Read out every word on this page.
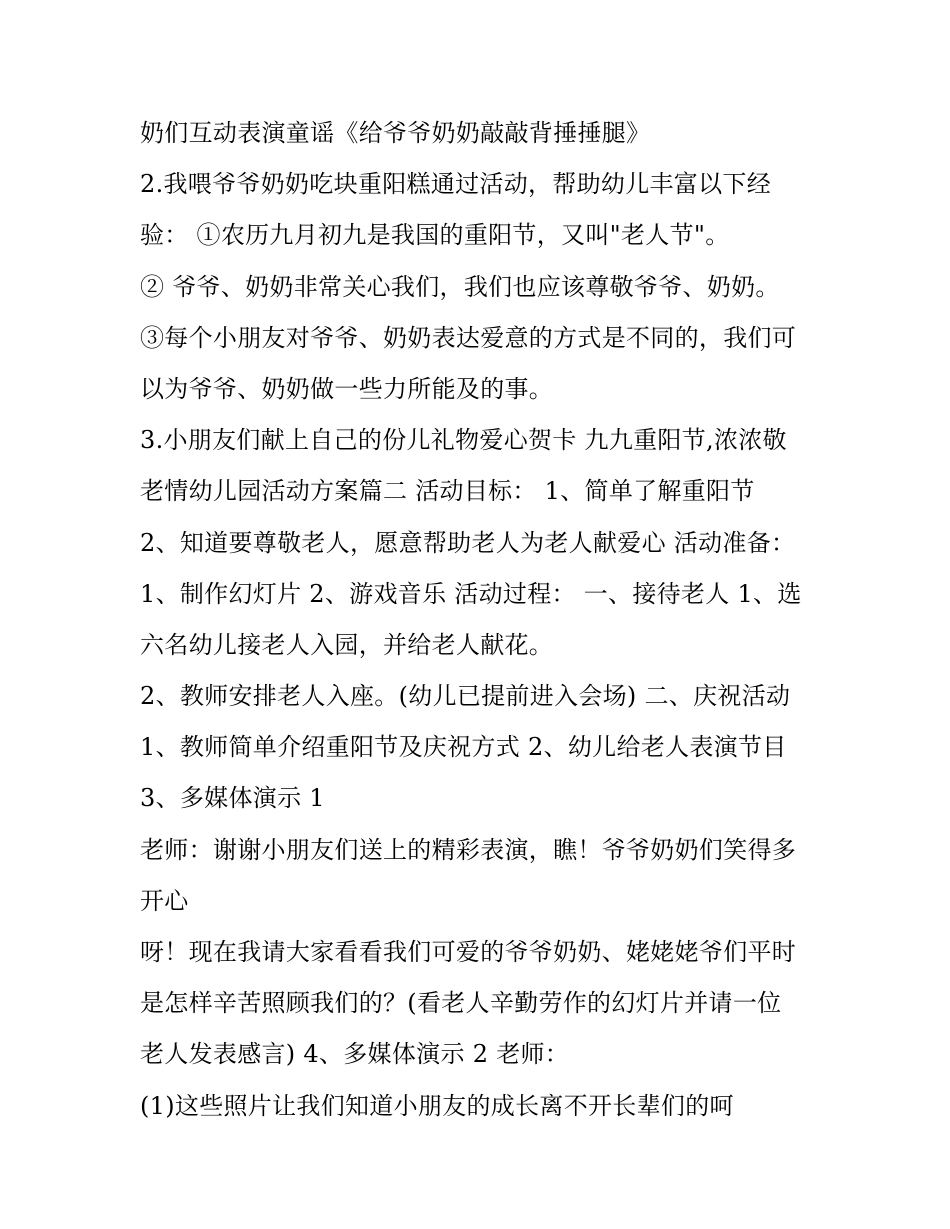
奶们互动表演童谣《给爷爷奶奶敲敲背捶捶腿》

2.我喂爷爷奶奶吃块重阳糕通过活动，帮助幼儿丰富以下经

验： ①农历九月初九是我国的重阳节，又叫"老人节"。

② 爷爷、奶奶非常关心我们，我们也应该尊敬爷爷、奶奶。

③每个小朋友对爷爷、奶奶表达爱意的方式是不同的，我们可

以为爷爷、奶奶做一些力所能及的事。

3.小朋友们献上自己的份儿礼物爱心贺卡 九九重阳节,浓浓敬

老情幼儿园活动方案篇二 活动目标： 1、简单了解重阳节

2、知道要尊敬老人，愿意帮助老人为老人献爱心 活动准备：

1、制作幻灯片 2、游戏音乐 活动过程： 一、接待老人 1、选

六名幼儿接老人入园，并给老人献花。

2、教师安排老人入座。(幼儿已提前进入会场) 二、庆祝活动

1、教师简单介绍重阳节及庆祝方式 2、幼儿给老人表演节目

3、多媒体演示 1

老师：谢谢小朋友们送上的精彩表演，瞧！爷爷奶奶们笑得多

开心

呀！现在我请大家看看我们可爱的爷爷奶奶、姥姥姥爷们平时

是怎样辛苦照顾我们的？(看老人辛勤劳作的幻灯片并请一位

老人发表感言) 4、多媒体演示 2 老师：

(1)这些照片让我们知道小朋友的成长离不开长辈们的呵
